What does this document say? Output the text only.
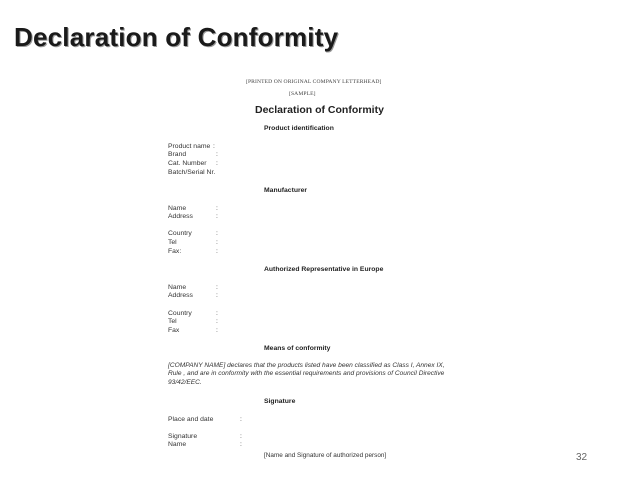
Declaration of Conformity
[PRINTED ON ORIGINAL COMPANY LETTERHEAD]
[SAMPLE]
Declaration of Conformity
Product identification
Product name :
Brand	:
Cat. Number :
Batch/Serial Nr.
Manufacturer
Name	:
Address	:
Country	:
Tel	:
Fax:	:
Authorized Representative in Europe
Name	:
Address	:
Country	:
Tel	:
Fax	:
Means of conformity
[COMPANY NAME] declares that the products listed have been classified as Class I, Annex IX, Rule , and are in conformity with the essential requirements and provisions of Council Directive 93/42/EEC.
Signature
Place and date	:
Signature	:
Name	:
[Name and Signature of authorized person]	32
